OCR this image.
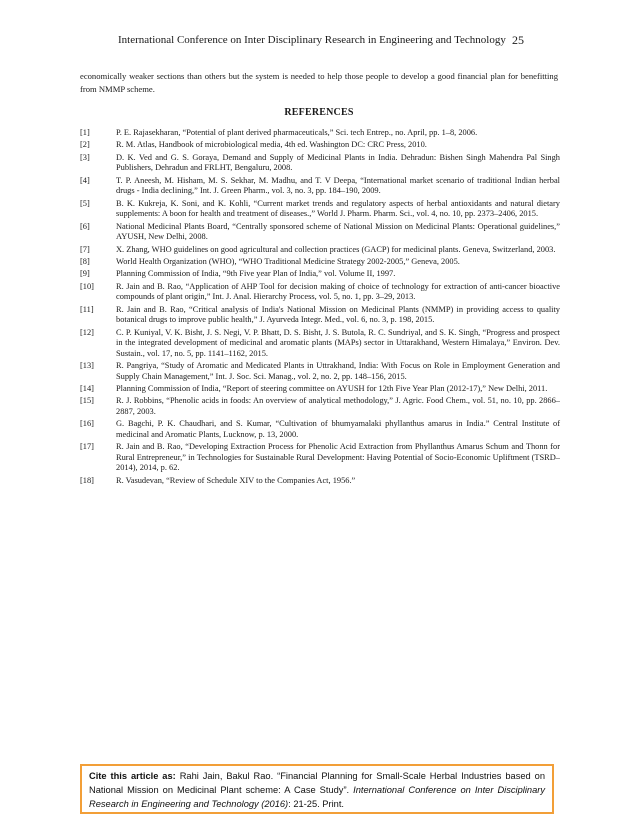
International Conference on Inter Disciplinary Research in Engineering and Technology 25
economically weaker sections than others but the system is needed to help those people to develop a good financial plan for benefitting from NMMP scheme.
REFERENCES
[1]	P. E. Rajasekharan, “Potential of plant derived pharmaceuticals,” Sci. tech Entrep., no. April, pp. 1–8, 2006.
[2]	R. M. Atlas, Handbook of microbiological media, 4th ed. Washington DC: CRC Press, 2010.
[3]	D. K. Ved and G. S. Goraya, Demand and Supply of Medicinal Plants in India. Dehradun: Bishen Singh Mahendra Pal Singh Publishers, Dehradun and FRLHT, Bengaluru, 2008.
[4]	T. P. Aneesh, M. Hisham, M. S. Sekhar, M. Madhu, and T. V Deepa, “International market scenario of traditional Indian herbal drugs - India declining,” Int. J. Green Pharm., vol. 3, no. 3, pp. 184–190, 2009.
[5]	B. K. Kukreja, K. Soni, and K. Kohli, “Current market trends and regulatory aspects of herbal antioxidants and natural dietary supplements: A boon for health and treatment of diseases.,” World J. Pharm. Pharm. Sci., vol. 4, no. 10, pp. 2373–2406, 2015.
[6]	National Medicinal Plants Board, “Centrally sponsored scheme of National Mission on Medicinal Plants: Operational guidelines,” AYUSH, New Delhi, 2008.
[7]	X. Zhang, WHO guidelines on good agricultural and collection practices (GACP) for medicinal plants. Geneva, Switzerland, 2003.
[8]	World Health Organization (WHO), “WHO Traditional Medicine Strategy 2002-2005,” Geneva, 2005.
[9]	Planning Commission of India, “9th Five year Plan of India,” vol. Volume II, 1997.
[10]	R. Jain and B. Rao, “Application of AHP Tool for decision making of choice of technology for extraction of anti-cancer bioactive compounds of plant origin,” Int. J. Anal. Hierarchy Process, vol. 5, no. 1, pp. 3–29, 2013.
[11]	R. Jain and B. Rao, “Critical analysis of India's National Mission on Medicinal Plants (NMMP) in providing access to quality botanical drugs to improve public health,” J. Ayurveda Integr. Med., vol. 6, no. 3, p. 198, 2015.
[12]	C. P. Kuniyal, V. K. Bisht, J. S. Negi, V. P. Bhatt, D. S. Bisht, J. S. Butola, R. C. Sundriyal, and S. K. Singh, “Progress and prospect in the integrated development of medicinal and aromatic plants (MAPs) sector in Uttarakhand, Western Himalaya,” Environ. Dev. Sustain., vol. 17, no. 5, pp. 1141–1162, 2015.
[13]	R. Pangriya, “Study of Aromatic and Medicated Plants in Uttrakhand, India: With Focus on Role in Employment Generation and Supply Chain Management,” Int. J. Soc. Sci. Manag., vol. 2, no. 2, pp. 148–156, 2015.
[14]	Planning Commission of India, “Report of steering committee on AYUSH for 12th Five Year Plan (2012-17),” New Delhi, 2011.
[15]	R. J. Robbins, “Phenolic acids in foods: An overview of analytical methodology,” J. Agric. Food Chem., vol. 51, no. 10, pp. 2866–2887, 2003.
[16]	G. Bagchi, P. K. Chaudhari, and S. Kumar, “Cultivation of bhumyamalaki phyllanthus amarus in India.” Central Institute of medicinal and Aromatic Plants, Lucknow, p. 13, 2000.
[17]	R. Jain and B. Rao, “Developing Extraction Process for Phenolic Acid Extraction from Phyllanthus Amarus Schum and Thonn for Rural Entrepreneur,” in Technologies for Sustainable Rural Development: Having Potential of Socio-Economic Upliftment (TSRD–2014), 2014, p. 62.
[18]	R. Vasudevan, “Review of Schedule XIV to the Companies Act, 1956.”
Cite this article as: Rahi Jain, Bakul Rao. “Financial Planning for Small-Scale Herbal Industries based on National Mission on Medicinal Plant scheme: A Case Study”. International Conference on Inter Disciplinary Research in Engineering and Technology (2016): 21-25. Print.
